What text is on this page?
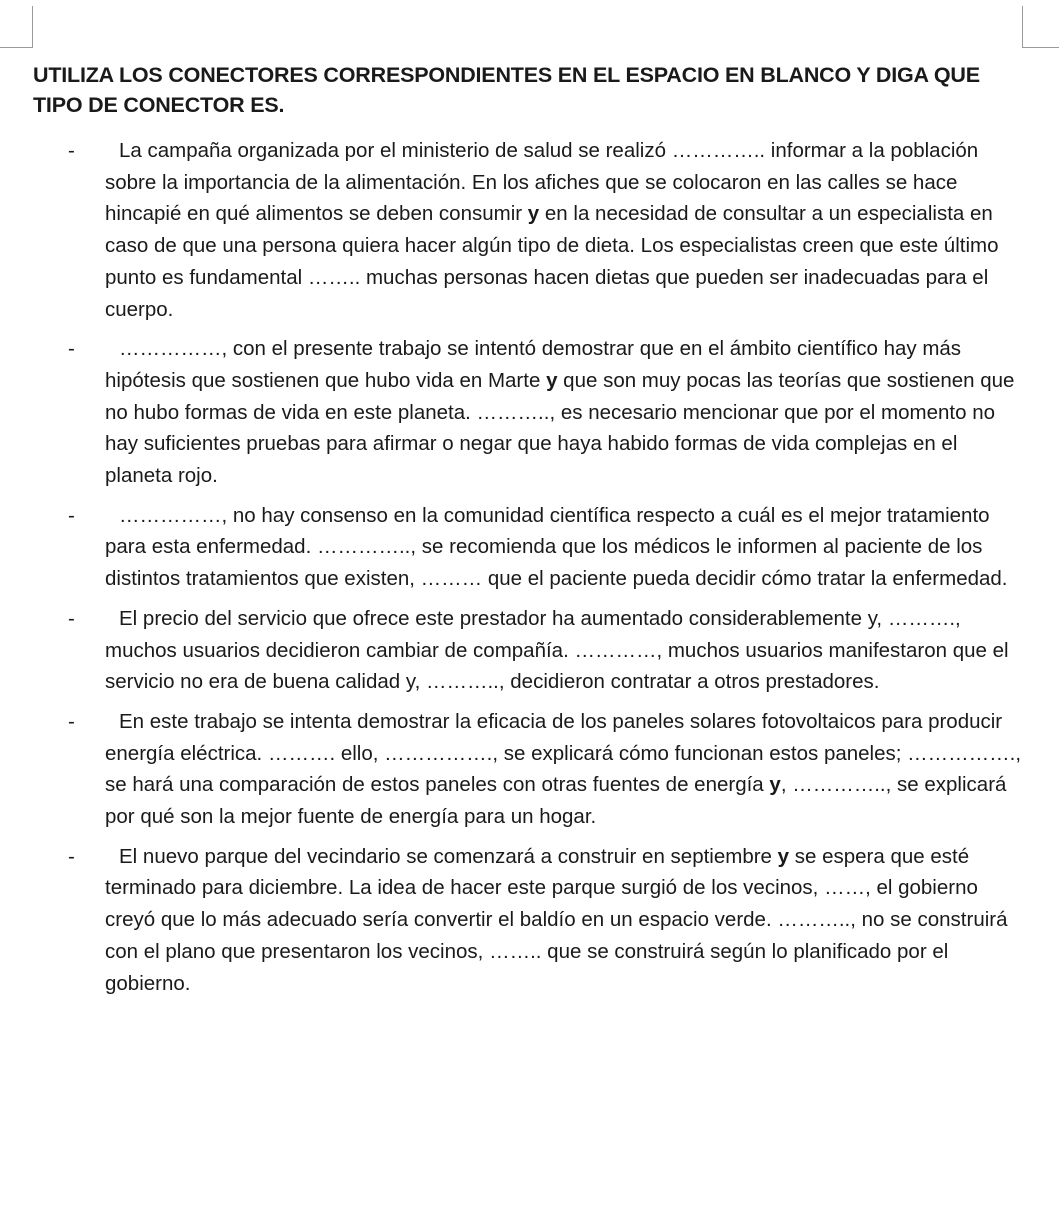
UTILIZA LOS CONECTORES CORRESPONDIENTES EN EL ESPACIO EN BLANCO Y DIGA QUE TIPO DE CONECTOR ES.
- La campaña organizada por el ministerio de salud se realizó ………….. informar a la población sobre la importancia de la alimentación. En los afiches que se colocaron en las calles se hace hincapié en qué alimentos se deben consumir y en la necesidad de consultar a un especialista en caso de que una persona quiera hacer algún tipo de dieta. Los especialistas creen que este último punto es fundamental …….. muchas personas hacen dietas que pueden ser inadecuadas para el cuerpo.
- ……………, con el presente trabajo se intentó demostrar que en el ámbito científico hay más hipótesis que sostienen que hubo vida en Marte y que son muy pocas las teorías que sostienen que no hubo formas de vida en este planeta. ……….., es necesario mencionar que por el momento no hay suficientes pruebas para afirmar o negar que haya habido formas de vida complejas en el planeta rojo.
- ……………, no hay consenso en la comunidad científica respecto a cuál es el mejor tratamiento para esta enfermedad. ………….., se recomienda que los médicos le informen al paciente de los distintos tratamientos que existen, ……… que el paciente pueda decidir cómo tratar la enfermedad.
- El precio del servicio que ofrece este prestador ha aumentado considerablemente y, ………., muchos usuarios decidieron cambiar de compañía. …………, muchos usuarios manifestaron que el servicio no era de buena calidad y, ……….., decidieron contratar a otros prestadores.
- En este trabajo se intenta demostrar la eficacia de los paneles solares fotovoltaicos para producir energía eléctrica. ………. ello, ……………., se explicará cómo funcionan estos paneles; ……………., se hará una comparación de estos paneles con otras fuentes de energía y, ………….., se explicará por qué son la mejor fuente de energía para un hogar.
- El nuevo parque del vecindario se comenzará a construir en septiembre y se espera que esté terminado para diciembre. La idea de hacer este parque surgió de los vecinos, ……, el gobierno creyó que lo más adecuado sería convertir el baldío en un espacio verde. ……….., no se construirá con el plano que presentaron los vecinos, …….. que se construirá según lo planificado por el gobierno.
